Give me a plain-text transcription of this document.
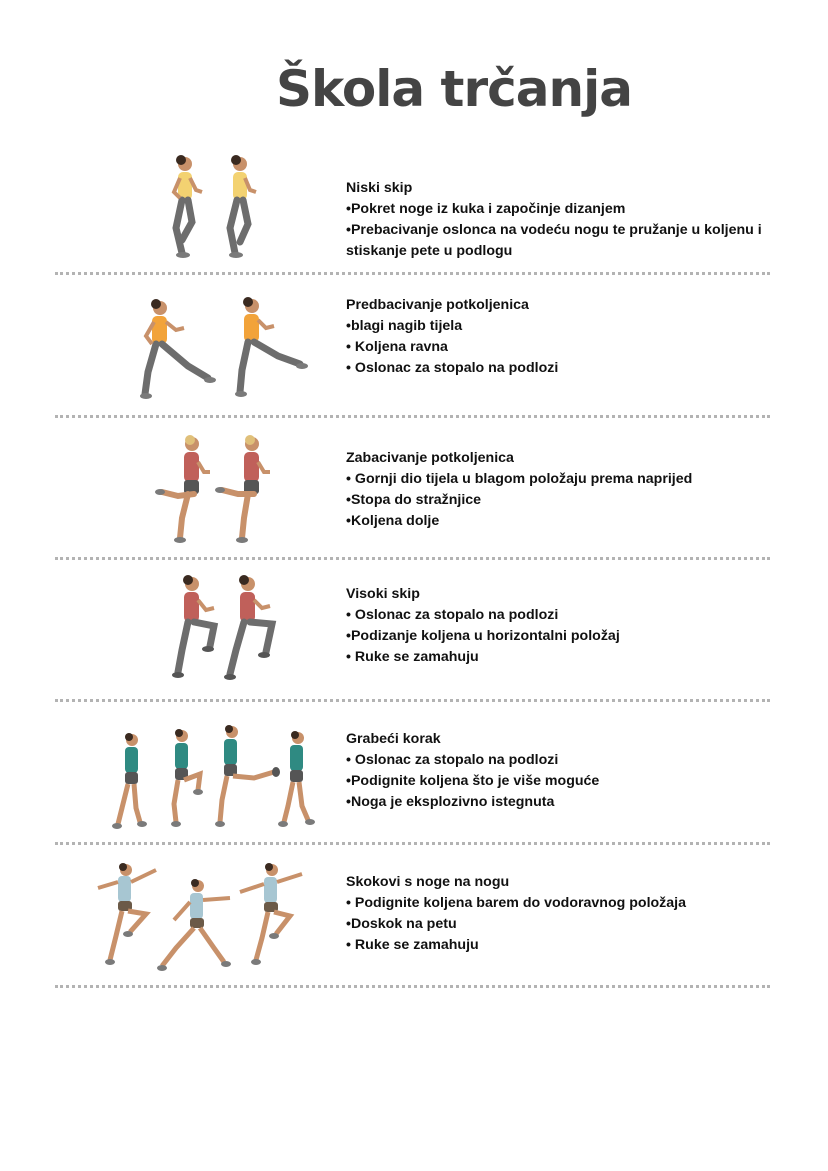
Škola trčanja
Niski skip
•Pokret noge iz kuka i započinje dizanjem
•Prebacivanje oslonca na vodeću nogu te pružanje u koljenu i stiskanje pete u podlogu
Predbacivanje potkoljenica
•blagi nagib tijela
• Koljena ravna
• Oslonac za stopalo na podlozi
Zabacivanje potkoljenica
• Gornji dio tijela u blagom položaju prema naprijed
•Stopa do stražnjice
•Koljena dolje
Visoki skip
• Oslonac za stopalo na podlozi
•Podizanje koljena u horizontalni položaj
• Ruke se zamahuju
Grabeći korak
• Oslonac za stopalo na podlozi
•Podignite koljena što je više moguće
•Noga je eksplozivno istegnuta
Skokovi s noge na nogu
• Podignite koljena barem do vodoravnog položaja
•Doskok na petu
• Ruke se zamahuju
